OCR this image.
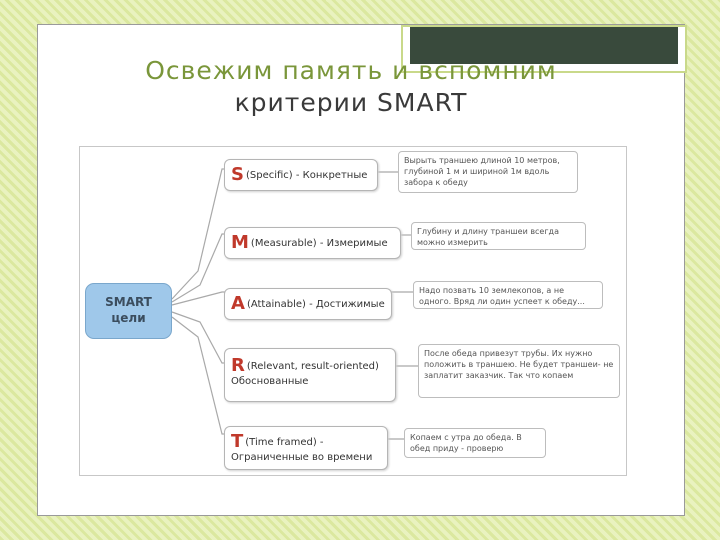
Освежим память и вспомним
критерии SMART
SMART
цели
S (Specific) - Конкретные
Вырыть траншею длиной 10 метров, глубиной 1 м и шириной 1м вдоль забора к обеду
M (Measurable) - Измеримые
Глубину и длину траншеи всегда можно измерить
A (Attainable) - Достижимые
Надо позвать 10 землекопов, а не одного. Вряд ли один успеет к обеду...
R (Relevant, result-oriented) Обоснованные
После обеда привезут трубы. Их нужно положить в траншею. Не будет траншеи- не заплатит заказчик. Так что копаем
T (Time framed) - Ограниченные во времени
Копаем с утра до обеда. В обед приду - проверю
